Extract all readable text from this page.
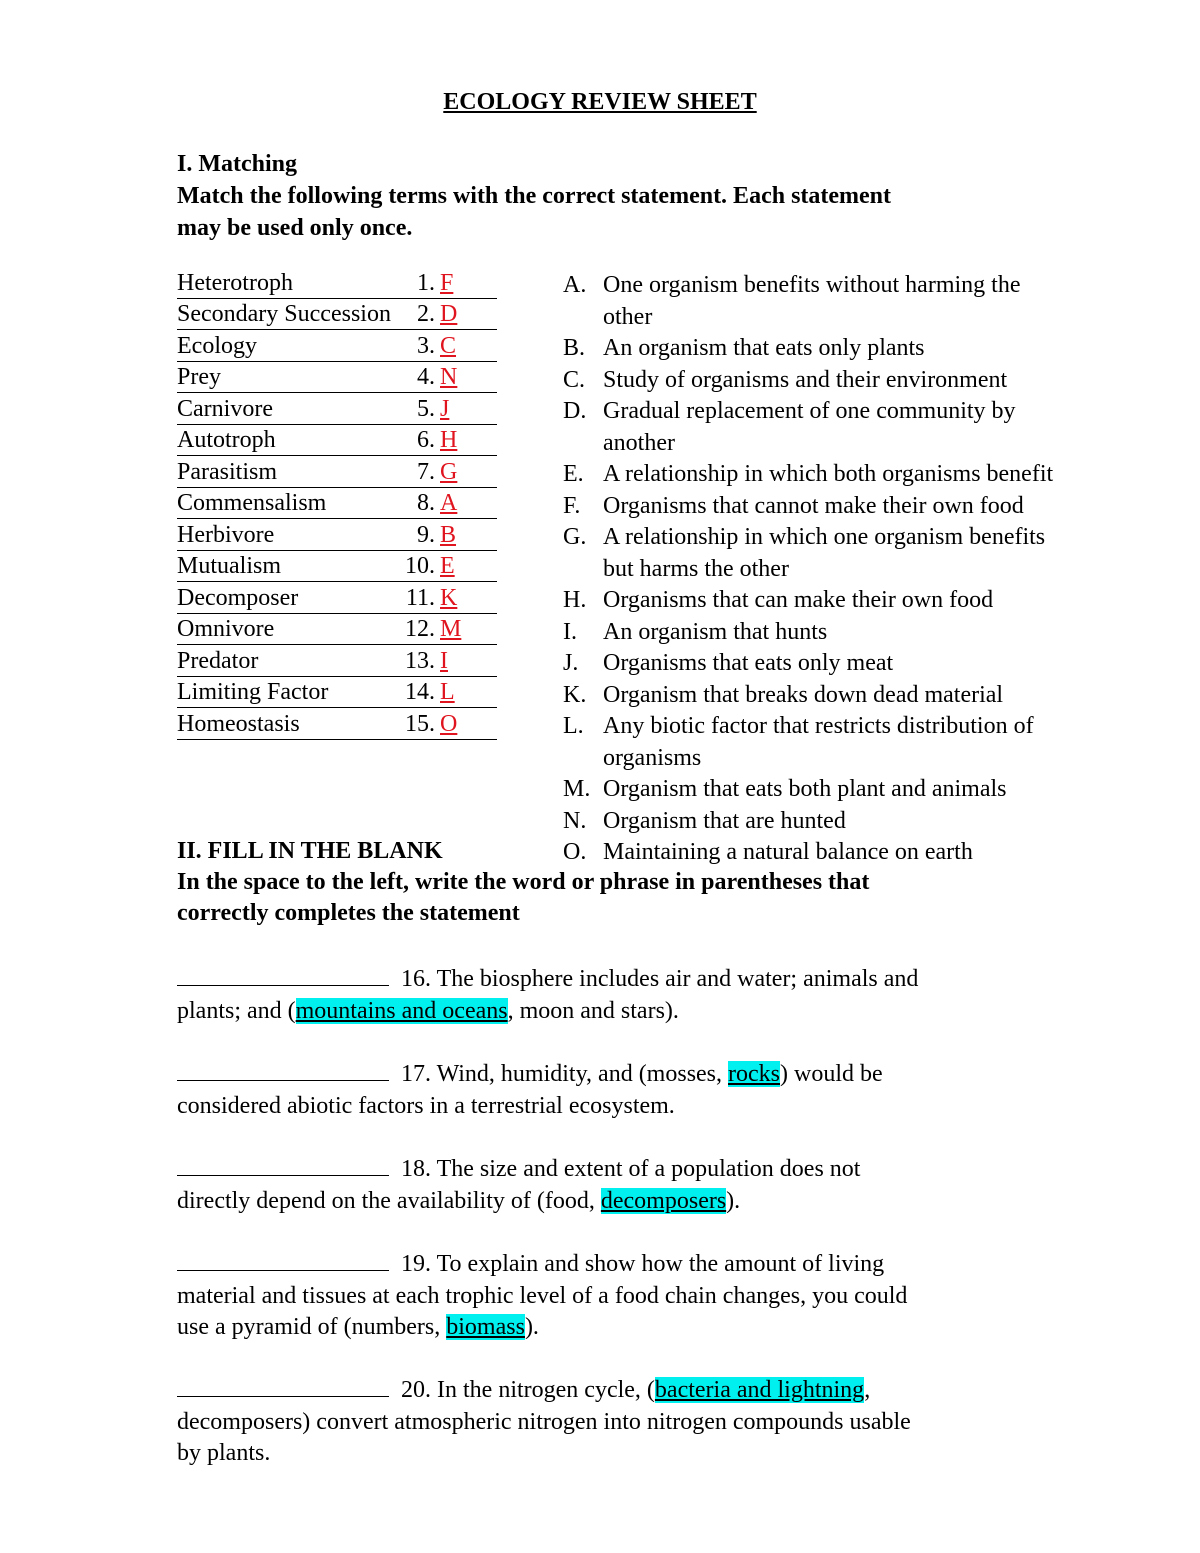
ECOLOGY REVIEW SHEET
I. Matching
Match the following terms with the correct statement. Each statement
may be used only once.
Heterotroph	1. F
Secondary Succession 2. D
Ecology	3. C
Prey	4. N
Carnivore	5. J
Autotroph	6. H
Parasitism	7. G
Commensalism	8. A
Herbivore	9. B
Mutualism	10. E
Decomposer	11. K
Omnivore	12. M
Predator	13. I
Limiting Factor	14. L
Homeostasis	15. O
A. One organism benefits without harming the
other
B. An organism that eats only plants
C. Study of organisms and their environment
D. Gradual replacement of one community by
another
E. A relationship in which both organisms benefit
F. Organisms that cannot make their own food
G. A relationship in which one organism benefits
but harms the other
H. Organisms that can make their own food
I.	An organism that hunts
J.	Organisms that eats only meat
K. Organism that breaks down dead material
L. Any biotic factor that restricts distribution of
organisms
M. Organism that eats both plant and animals
N. Organism that are hunted
O. Maintaining a natural balance on earth
II. FILL IN THE BLANK
In the space to the left, write the word or phrase in parentheses that
correctly completes the statement
16. The biosphere includes air and water; animals and
plants; and (mountains and oceans, moon and stars).
17. Wind, humidity, and (mosses, rocks) would be
considered abiotic factors in a terrestrial ecosystem.
18. The size and extent of a population does not
directly depend on the availability of (food, decomposers).
19. To explain and show how the amount of living
material and tissues at each trophic level of a food chain changes, you could
use a pyramid of (numbers, biomass).
20. In the nitrogen cycle, (bacteria and lightning,
decomposers) convert atmospheric nitrogen into nitrogen compounds usable
by plants.
